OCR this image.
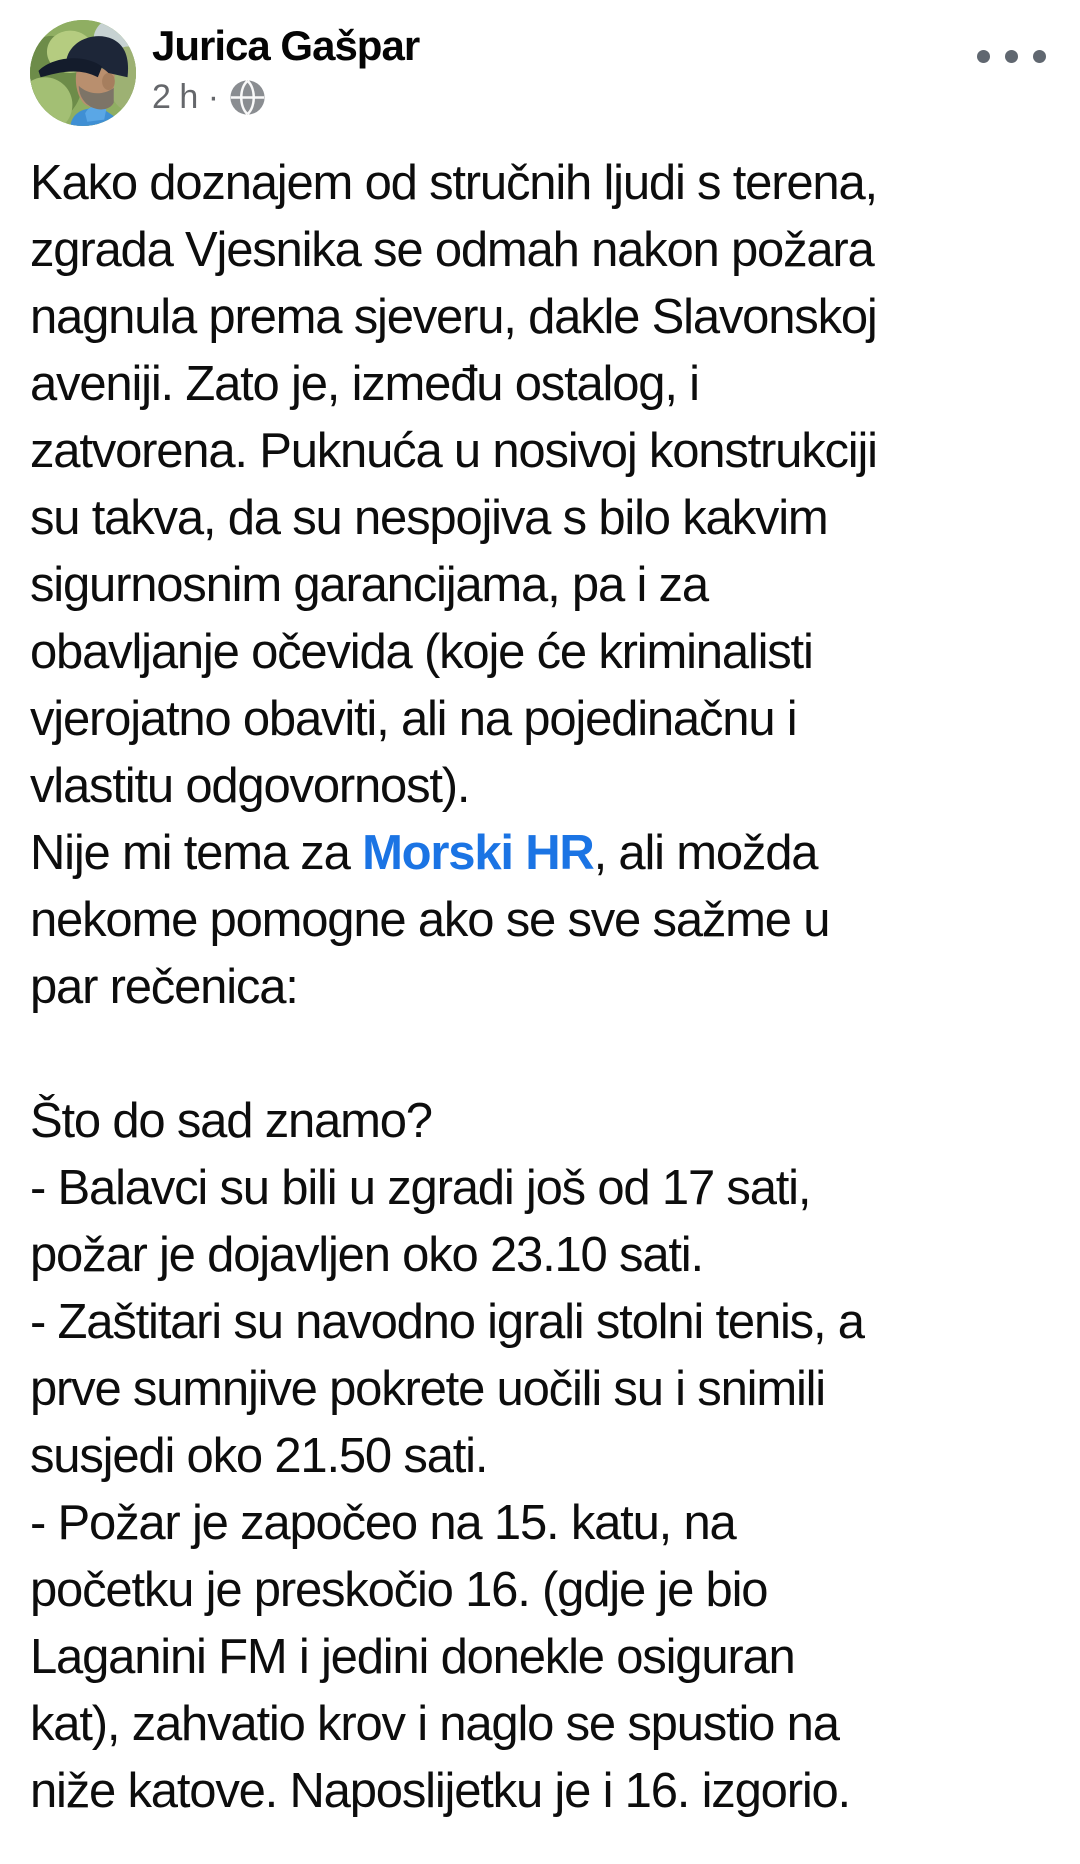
Jurica Gašpar
2 h ·
Kako doznajem od stručnih ljudi s terena,
zgrada Vjesnika se odmah nakon požara
nagnula prema sjeveru, dakle Slavonskoj
aveniji. Zato je, između ostalog, i
zatvorena. Puknuća u nosivoj konstrukciji
su takva, da su nespojiva s bilo kakvim
sigurnosnim garancijama, pa i za
obavljanje očevida (koje će kriminalisti
vjerojatno obaviti, ali na pojedinačnu i
vlastitu odgovornost).
Nije mi tema za Morski HR, ali možda
nekome pomogne ako se sve sažme u
par rečenica:

Što do sad znamo?
- Balavci su bili u zgradi još od 17 sati,
požar je dojavljen oko 23.10 sati.
- Zaštitari su navodno igrali stolni tenis, a
prve sumnjive pokrete uočili su i snimili
susjedi oko 21.50 sati.
- Požar je započeo na 15. katu, na
početku je preskočio 16. (gdje je bio
Laganini FM i jedini donekle osiguran
kat), zahvatio krov i naglo se spustio na
niže katove. Naposlijetku je i 16. izgorio.
